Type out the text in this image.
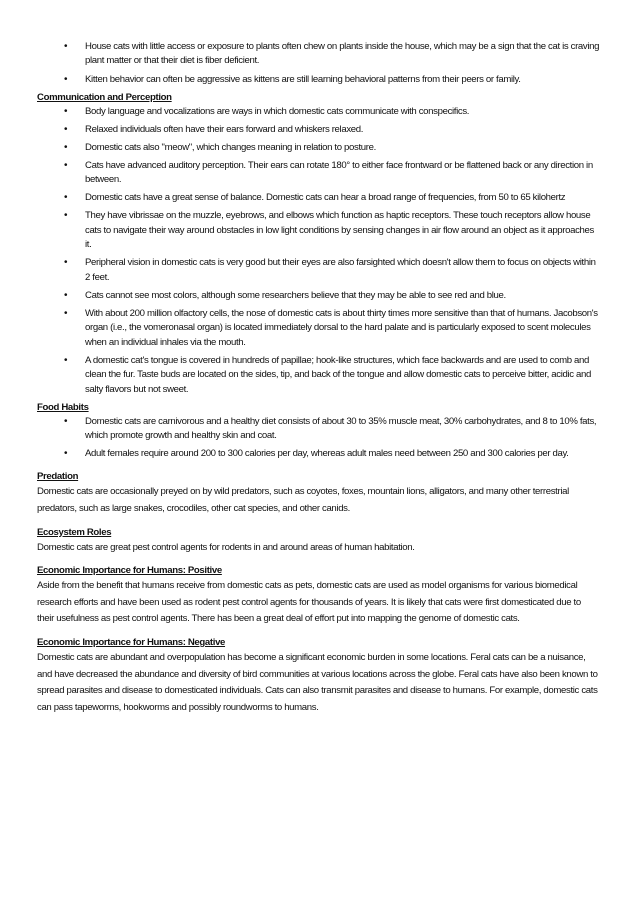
• House cats with little access or exposure to plants often chew on plants inside the house, which may be a sign that the cat is craving plant matter or that their diet is fiber deficient.
• Kitten behavior can often be aggressive as kittens are still learning behavioral patterns from their peers or family.

Communication and Perception

• Body language and vocalizations are ways in which domestic cats communicate with conspecifics.
• Relaxed individuals often have their ears forward and whiskers relaxed.
• Domestic cats also "meow", which changes meaning in relation to posture.
• Cats have advanced auditory perception. Their ears can rotate 180° to either face frontward or be flattened back or any direction in between.
• Domestic cats have a great sense of balance. Domestic cats can hear a broad range of frequencies, from 50 to 65 kilohertz
• They have vibrissae on the muzzle, eyebrows, and elbows which function as haptic receptors. These touch receptors allow house cats to navigate their way around obstacles in low light conditions by sensing changes in air flow around an object as it approaches it.
• Peripheral vision in domestic cats is very good but their eyes are also farsighted which doesn't allow them to focus on objects within 2 feet.
• Cats cannot see most colors, although some researchers believe that they may be able to see red and blue.
• With about 200 million olfactory cells, the nose of domestic cats is about thirty times more sensitive than that of humans. Jacobson's organ (i.e., the vomeronasal organ) is located immediately dorsal to the hard palate and is particularly exposed to scent molecules when an individual inhales via the mouth.
• A domestic cat's tongue is covered in hundreds of papillae; hook-like structures, which face backwards and are used to comb and clean the fur. Taste buds are located on the sides, tip, and back of the tongue and allow domestic cats to perceive bitter, acidic and salty flavors but not sweet.

Food Habits

• Domestic cats are carnivorous and a healthy diet consists of about 30 to 35% muscle meat, 30% carbohydrates, and 8 to 10% fats, which promote growth and healthy skin and coat.
• Adult females require around 200 to 300 calories per day, whereas adult males need between 250 and 300 calories per day.

Predation

Domestic cats are occasionally preyed on by wild predators, such as coyotes, foxes, mountain lions, alligators, and many other terrestrial predators, such as large snakes, crocodiles, other cat species, and other canids.

Ecosystem Roles

Domestic cats are great pest control agents for rodents in and around areas of human habitation.

Economic Importance for Humans: Positive

Aside from the benefit that humans receive from domestic cats as pets, domestic cats are used as model organisms for various biomedical research efforts and have been used as rodent pest control agents for thousands of years. It is likely that cats were first domesticated due to their usefulness as pest control agents. There has been a great deal of effort put into mapping the genome of domestic cats.

Economic Importance for Humans: Negative

Domestic cats are abundant and overpopulation has become a significant economic burden in some locations. Feral cats can be a nuisance, and have decreased the abundance and diversity of bird communities at various locations across the globe. Feral cats have also been known to spread parasites and disease to domesticated individuals. Cats can also transmit parasites and disease to humans. For example, domestic cats can pass tapeworms, hookworms and possibly roundworms to humans.
